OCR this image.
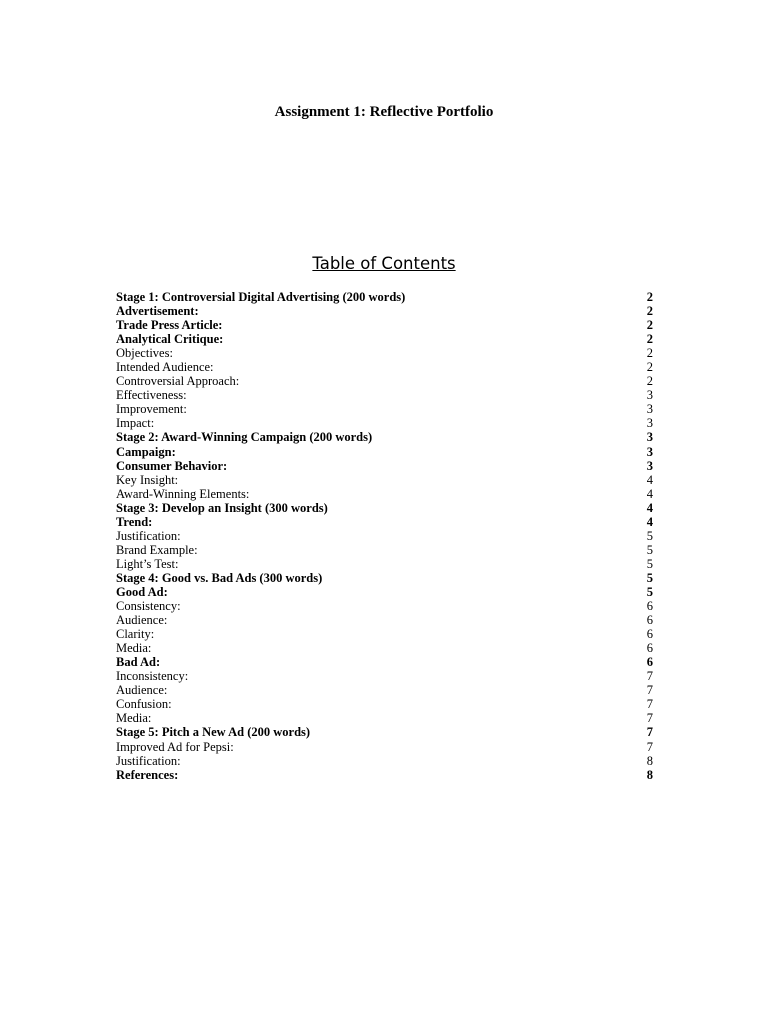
Assignment 1: Reflective Portfolio
Table of Contents
Stage 1: Controversial Digital Advertising (200 words)	2
Advertisement:	2
Trade Press Article:	2
Analytical Critique:	2
Objectives:	2
Intended Audience:	2
Controversial Approach:	2
Effectiveness:	3
Improvement:	3
Impact:	3
Stage 2: Award-Winning Campaign (200 words)	3
Campaign:	3
Consumer Behavior:	3
Key Insight:	4
Award-Winning Elements:	4
Stage 3: Develop an Insight (300 words)	4
Trend:	4
Justification:	5
Brand Example:	5
Light’s Test:	5
Stage 4: Good vs. Bad Ads (300 words)	5
Good Ad:	5
Consistency:	6
Audience:	6
Clarity:	6
Media:	6
Bad Ad:	6
Inconsistency:	7
Audience:	7
Confusion:	7
Media:	7
Stage 5: Pitch a New Ad (200 words)	7
Improved Ad for Pepsi:	7
Justification:	8
References:	8
